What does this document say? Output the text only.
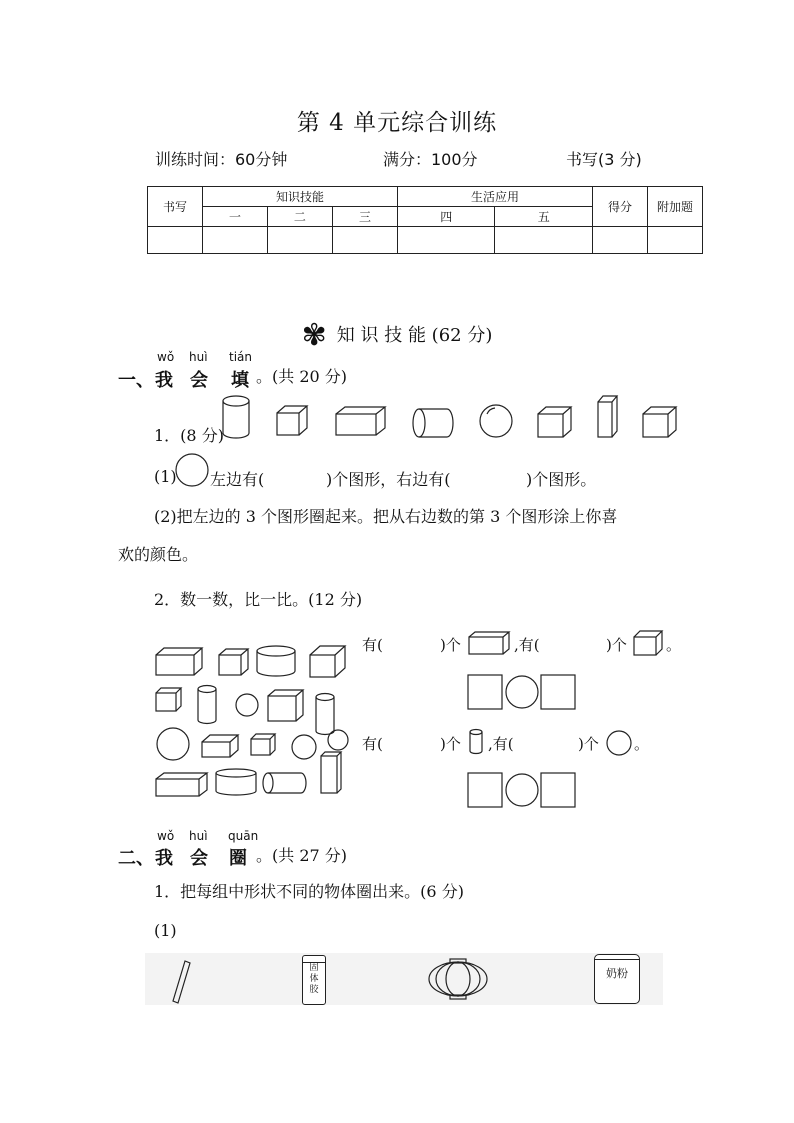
第 4 单元综合训练
训练时间：60分钟	满分：100分	书写(3 分)
书写	知识技能			生活应用		得分	附加题
	一	二	三	四	五		

✾ 知 识 技 能 (62 分)
一、
wǒ huì tián
我 会 填 。(共 20 分)
1．(8 分)
(1) 左边有(	)个图形，右边有(	)个图形。
(2)把左边的 3 个图形圈起来。把从右边数的第 3 个图形涂上你喜
欢的颜色。
2．数一数，比一比。(12 分)
有(	)个	,有(	)个	。
有(	)个 ,有(	)个 。
wǒ huì quān
二、 我 会 圈 。(共 27 分)
1．把每组中形状不同的物体圈出来。(6 分)
(1)
固
体
胶
奶粉
